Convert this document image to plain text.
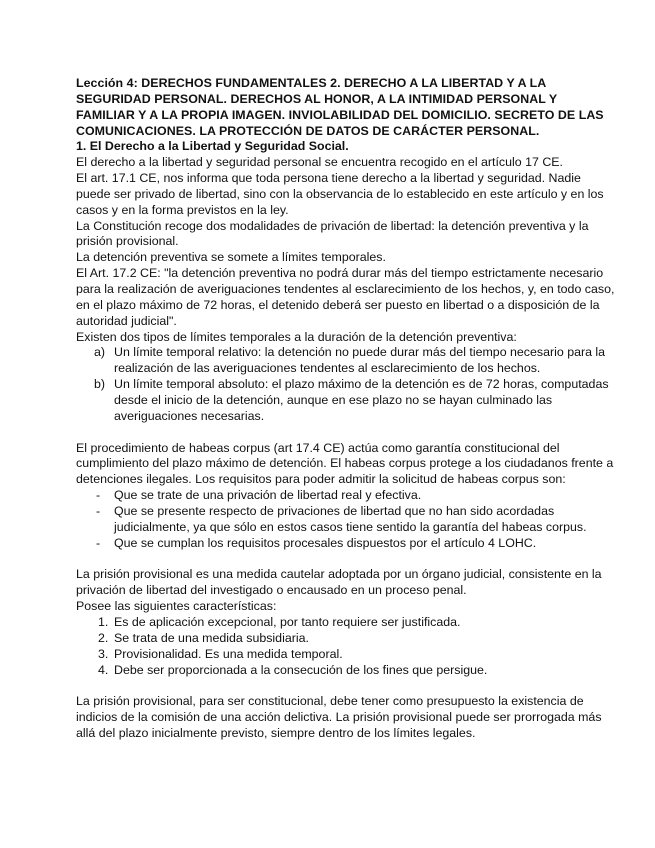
Lección 4: DERECHOS FUNDAMENTALES 2. DERECHO A LA LIBERTAD Y A LA SEGURIDAD PERSONAL. DERECHOS AL HONOR, A LA INTIMIDAD PERSONAL Y FAMILIAR Y A LA PROPIA IMAGEN. INVIOLABILIDAD DEL DOMICILIO. SECRETO DE LAS COMUNICACIONES. LA PROTECCIÓN DE DATOS DE CARÁCTER PERSONAL.

1. El Derecho a la Libertad y Seguridad Social.

El derecho a la libertad y seguridad personal se encuentra recogido en el artículo 17 CE.

El art. 17.1 CE, nos informa que toda persona tiene derecho a la libertad y seguridad. Nadie puede ser privado de libertad, sino con la observancia de lo establecido en este artículo y en los casos y en la forma previstos en la ley.

La Constitución recoge dos modalidades de privación de libertad: la detención preventiva y la prisión provisional.

La detención preventiva se somete a límites temporales.

El Art. 17.2 CE: "la detención preventiva no podrá durar más del tiempo estrictamente necesario para la realización de averiguaciones tendentes al esclarecimiento de los hechos, y, en todo caso, en el plazo máximo de 72 horas, el detenido deberá ser puesto en libertad o a disposición de la autoridad judicial".

Existen dos tipos de límites temporales a la duración de la detención preventiva:

a) Un límite temporal relativo: la detención no puede durar más del tiempo necesario para la realización de las averiguaciones tendentes al esclarecimiento de los hechos.
b) Un límite temporal absoluto: el plazo máximo de la detención es de 72 horas, computadas desde el inicio de la detención, aunque en ese plazo no se hayan culminado las averiguaciones necesarias.

El procedimiento de habeas corpus (art 17.4 CE) actúa como garantía constitucional del cumplimiento del plazo máximo de detención. El habeas corpus protege a los ciudadanos frente a detenciones ilegales. Los requisitos para poder admitir la solicitud de habeas corpus son:

- Que se trate de una privación de libertad real y efectiva.
- Que se presente respecto de privaciones de libertad que no han sido acordadas judicialmente, ya que sólo en estos casos tiene sentido la garantía del habeas corpus.
- Que se cumplan los requisitos procesales dispuestos por el artículo 4 LOHC.

La prisión provisional es una medida cautelar adoptada por un órgano judicial, consistente en la privación de libertad del investigado o encausado en un proceso penal.

Posee las siguientes características:

1. Es de aplicación excepcional, por tanto requiere ser justificada.
2. Se trata de una medida subsidiaria.
3. Provisionalidad. Es una medida temporal.
4. Debe ser proporcionada a la consecución de los fines que persigue.

La prisión provisional, para ser constitucional, debe tener como presupuesto la existencia de indicios de la comisión de una acción delictiva. La prisión provisional puede ser prorrogada más allá del plazo inicialmente previsto, siempre dentro de los límites legales.
